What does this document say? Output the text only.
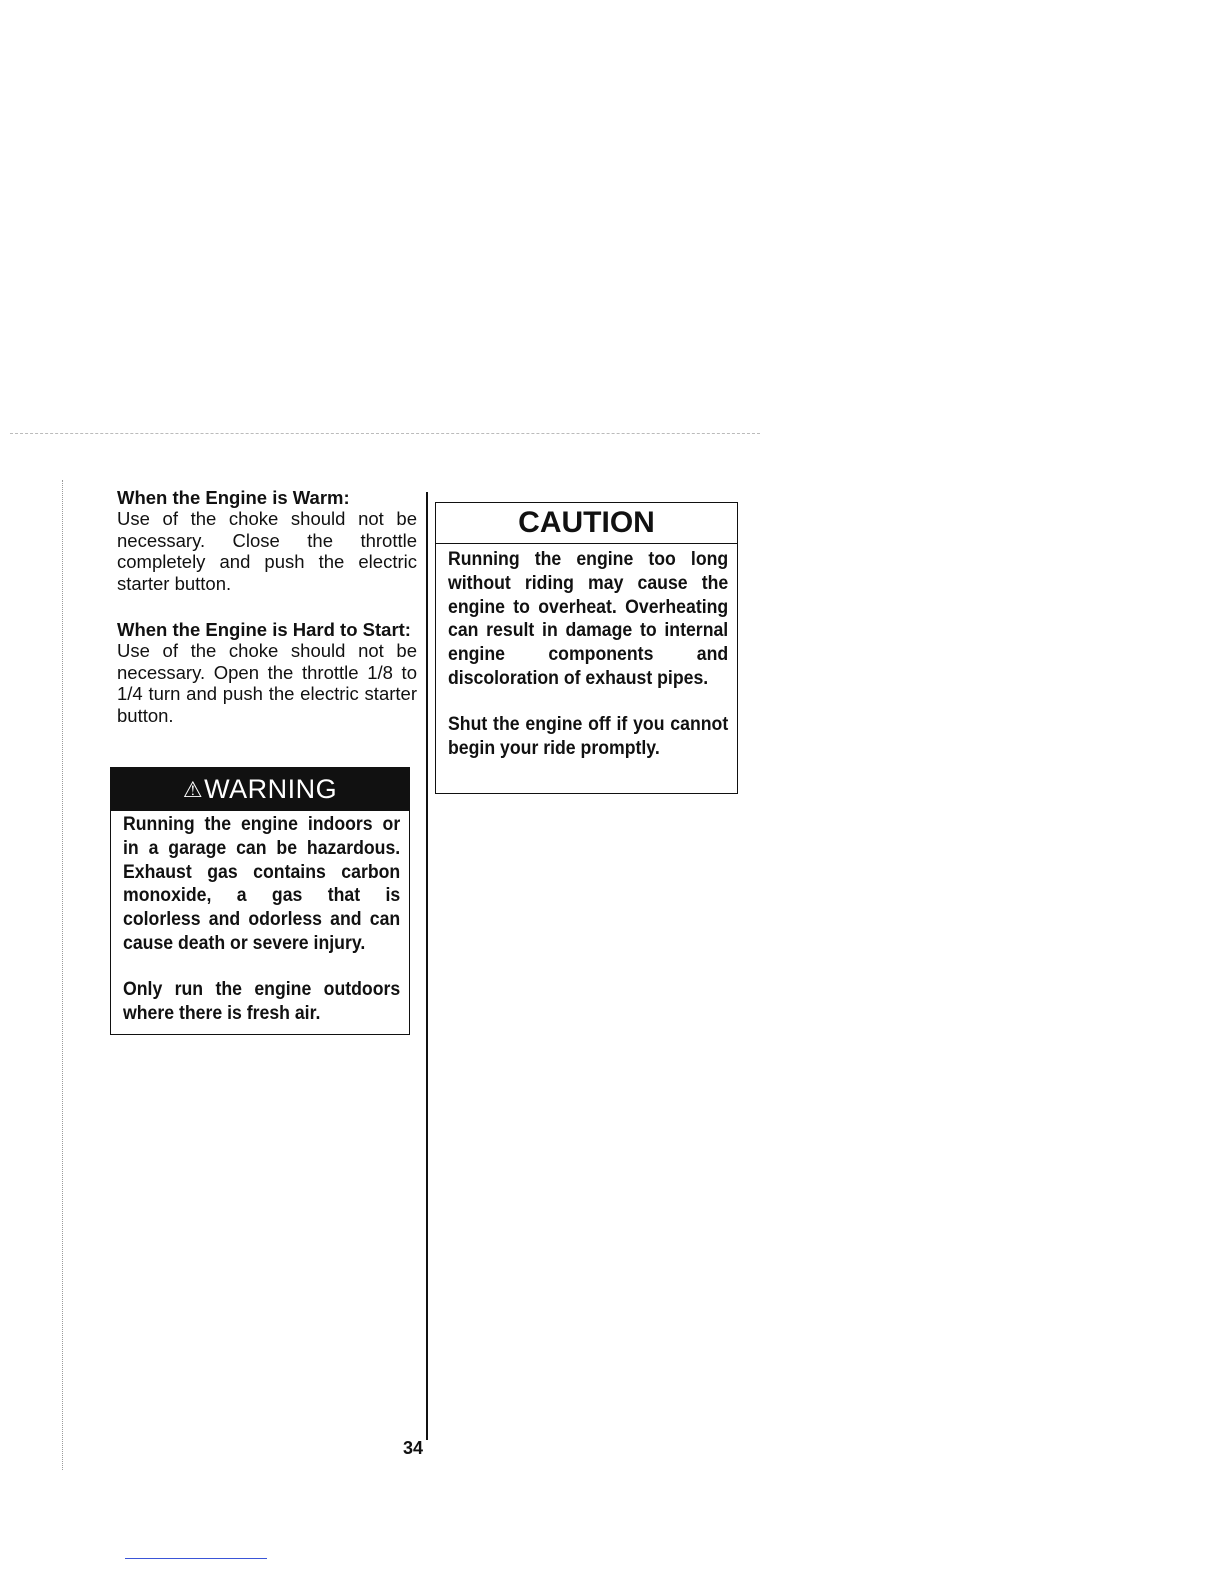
When the Engine is Warm:

Use of the choke should not be necessary. Close the throttle completely and push the electric starter button.

When the Engine is Hard to Start:

Use of the choke should not be necessary. Open the throttle 1/8 to 1/4 turn and push the electric starter button.

⚠WARNING

Running the engine indoors or in a garage can be hazardous. Exhaust gas contains carbon monoxide, a gas that is colorless and odorless and can cause death or severe injury.

Only run the engine outdoors where there is fresh air.

CAUTION

Running the engine too long without riding may cause the engine to overheat. Overheating can result in damage to internal engine components and discoloration of exhaust pipes.

Shut the engine off if you cannot begin your ride promptly.

34
